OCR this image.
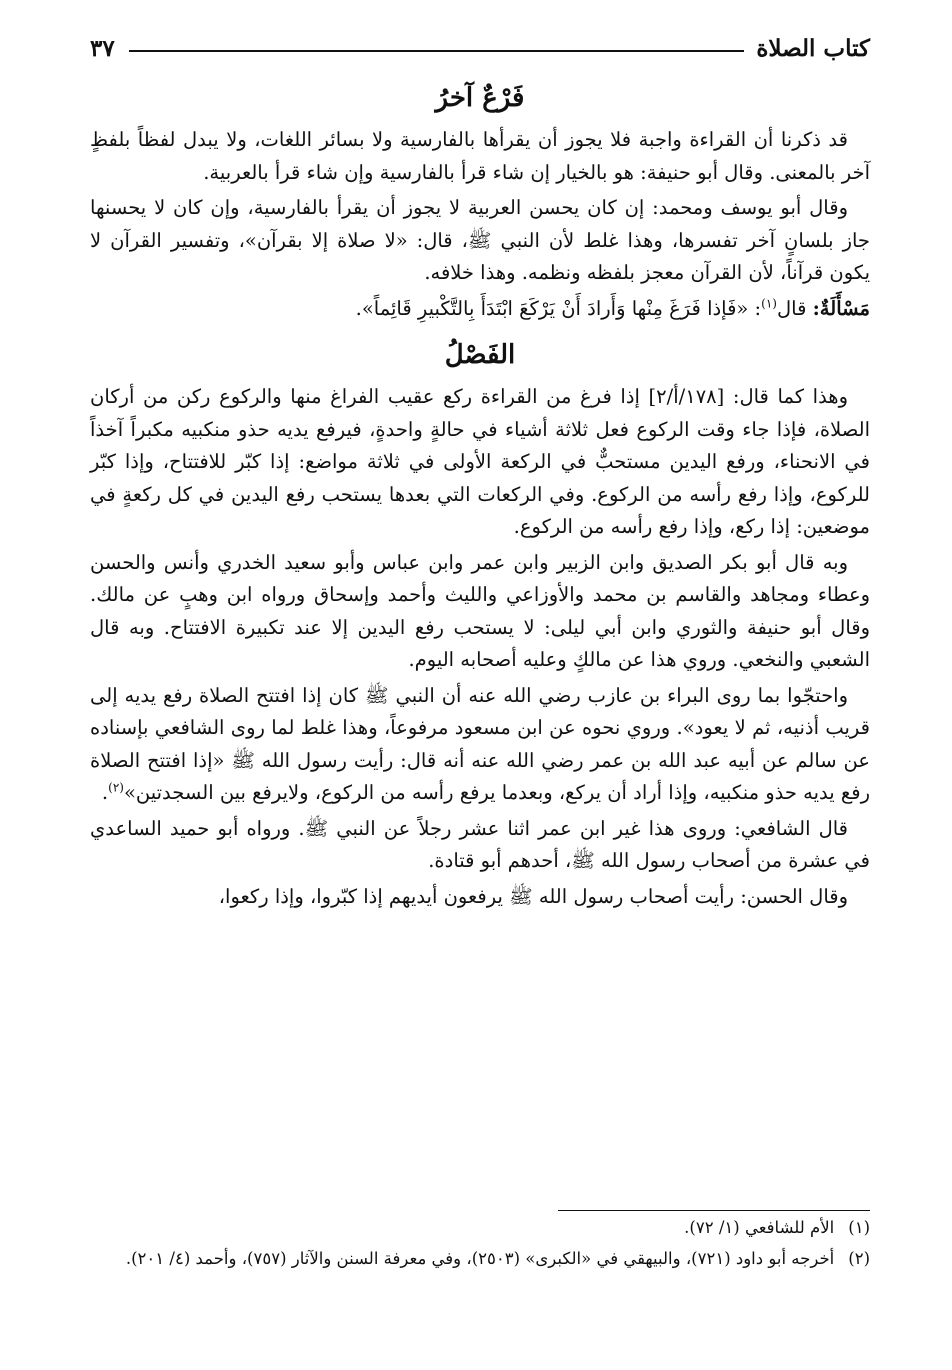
كتاب الصلاة
٣٧
فَرْعٌ آخرُ

قد ذكرنا أن القراءة واجبة فلا يجوز أن يقرأها بالفارسية ولا بسائر اللغات، ولا يبدل لفظاً بلفظٍ آخر بالمعنى. وقال أبو حنيفة: هو بالخيار إن شاء قرأ بالفارسية وإن شاء قرأ بالعربية.

وقال أبو يوسف ومحمد: إن كان يحسن العربية لا يجوز أن يقرأ بالفارسية، وإن كان لا يحسنها جاز بلسانٍ آخر تفسرها، وهذا غلط لأن النبي ﷺ، قال: «لا صلاة إلا بقرآن»، وتفسير القرآن لا يكون قرآناً، لأن القرآن معجز بلفظه ونظمه. وهذا خلافه.

مَسْأَلَةٌ: قال$^{(١)}$: «فَإذا فَرَغَ مِنْها وَأَرادَ أَنْ يَرْكَعَ ابْتَدَأَ بِالتَّكْبيرِ قَائِماً».

الفَصْلُ

وهذا كما قال: [١٧٨/أ/٢] إذا فرغ من القراءة ركع عقيب الفراغ منها والركوع ركن من أركان الصلاة، فإذا جاء وقت الركوع فعل ثلاثة أشياء في حالةٍ واحدةٍ، فيرفع يديه حذو منكبيه مكبراً آخذاً في الانحناء، ورفع اليدين مستحبٌّ في الركعة الأولى في ثلاثة مواضع: إذا كبّر للافتتاح، وإذا كبّر للركوع، وإذا رفع رأسه من الركوع. وفي الركعات التي بعدها يستحب رفع اليدين في كل ركعةٍ في موضعين: إذا ركع، وإذا رفع رأسه من الركوع.

وبه قال أبو بكر الصديق وابن الزبير وابن عمر وابن عباس وأبو سعيد الخدري وأنس والحسن وعطاء ومجاهد والقاسم بن محمد والأوزاعي والليث وأحمد وإسحاق ورواه ابن وهبٍ عن مالك. وقال أبو حنيفة والثوري وابن أبي ليلى: لا يستحب رفع اليدين إلا عند تكبيرة الافتتاح. وبه قال الشعبي والنخعي. وروي هذا عن مالكٍ وعليه أصحابه اليوم.

واحتجّوا بما روى البراء بن عازب رضي الله عنه أن النبي ﷺ كان إذا افتتح الصلاة رفع يديه إلى قريب أذنيه، ثم لا يعود». وروي نحوه عن ابن مسعود مرفوعاً، وهذا غلط لما روى الشافعي بإسناده عن سالم عن أبيه عبد الله بن عمر رضي الله عنه أنه قال: رأيت رسول الله ﷺ «إذا افتتح الصلاة رفع يديه حذو منكبيه، وإذا أراد أن يركع، وبعدما يرفع رأسه من الركوع، ولايرفع بين السجدتين»$^{(٢)}$.

قال الشافعي: وروى هذا غير ابن عمر اثنا عشر رجلاً عن النبي ﷺ. ورواه أبو حميد الساعدي في عشرة من أصحاب رسول الله ﷺ، أحدهم أبو قتادة.

وقال الحسن: رأيت أصحاب رسول الله ﷺ يرفعون أيديهم إذا كبّروا، وإذا ركعوا،

(١)
الأم للشافعي (١/ ٧٢).
(٢)
أخرجه أبو داود (٧٢١)، والبيهقي في «الكبرى» (٢٥٠٣)، وفي معرفة السنن والآثار (٧٥٧)، وأحمد (٤/ ٢٠١).
